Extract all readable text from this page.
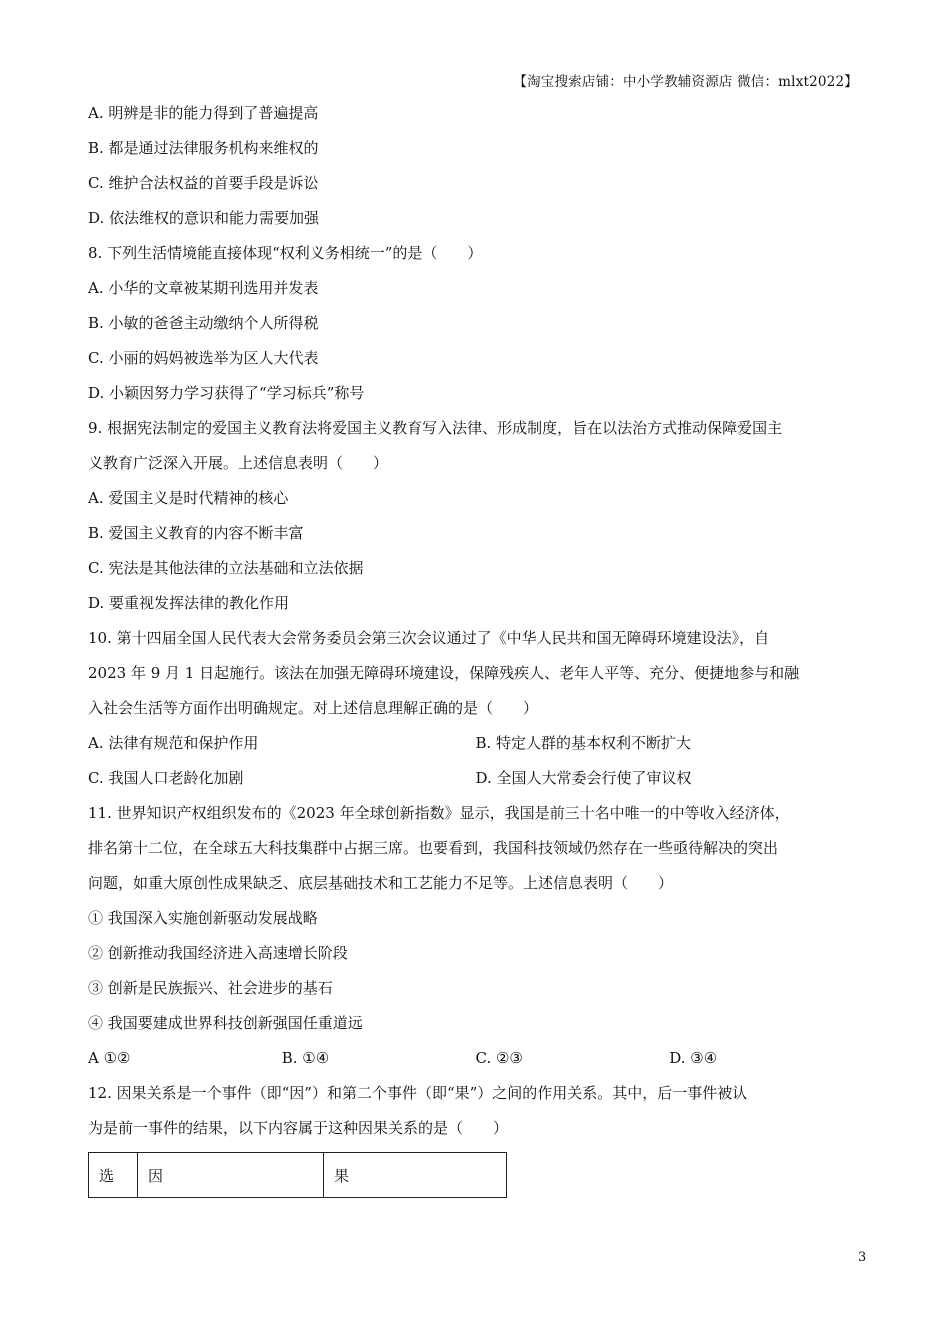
【淘宝搜索店铺：中小学教辅资源店 微信：mlxt2022】
A. 明辨是非的能力得到了普遍提高
B. 都是通过法律服务机构来维权的
C. 维护合法权益的首要手段是诉讼
D. 依法维权的意识和能力需要加强
8. 下列生活情境能直接体现“权利义务相统一”的是（　　）
A. 小华的文章被某期刊选用并发表
B. 小敏的爸爸主动缴纳个人所得税
C. 小丽的妈妈被选举为区人大代表
D. 小颖因努力学习获得了“学习标兵”称号
9. 根据宪法制定的爱国主义教育法将爱国主义教育写入法律、形成制度，旨在以法治方式推动保障爱国主
义教育广泛深入开展。上述信息表明（　　）
A. 爱国主义是时代精神的核心
B. 爱国主义教育的内容不断丰富
C. 宪法是其他法律的立法基础和立法依据
D. 要重视发挥法律的教化作用
10. 第十四届全国人民代表大会常务委员会第三次会议通过了《中华人民共和国无障碍环境建设法》，自
2023 年 9 月 1 日起施行。该法在加强无障碍环境建设，保障残疾人、老年人平等、充分、便捷地参与和融
入社会生活等方面作出明确规定。对上述信息理解正确的是（　　）
A. 法律有规范和保护作用	B. 特定人群的基本权利不断扩大
C. 我国人口老龄化加剧	D. 全国人大常委会行使了审议权
11. 世界知识产权组织发布的《2023 年全球创新指数》显示，我国是前三十名中唯一的中等收入经济体，
排名第十二位，在全球五大科技集群中占据三席。也要看到，我国科技领域仍然存在一些亟待解决的突出
问题，如重大原创性成果缺乏、底层基础技术和工艺能力不足等。上述信息表明（　　）
① 我国深入实施创新驱动发展战略
② 创新推动我国经济进入高速增长阶段
③ 创新是民族振兴、社会进步的基石
④ 我国要建成世界科技创新强国任重道远
A ①②	B. ①④	C. ②③	D. ③④
12. 因果关系是一个事件（即“因”）和第二个事件（即“果”）之间的作用关系。其中，后一事件被认
为是前一事件的结果，以下内容属于这种因果关系的是（　　）
选	因	果
3
